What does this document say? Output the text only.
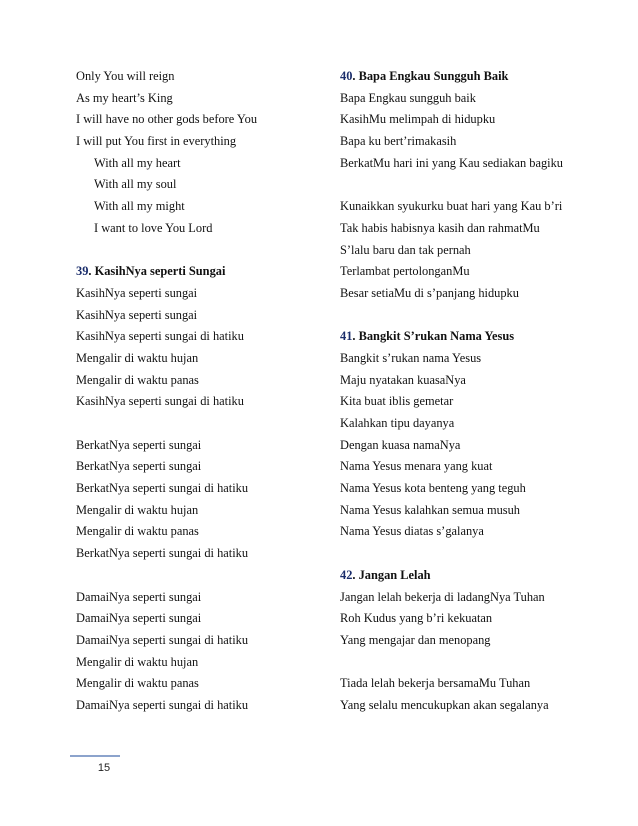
Only You will reign
As my heart’s King
I will have no other gods before You
I will put You first in everything
With all my heart
With all my soul
With all my might
I want to love You Lord
39. KasihNya seperti Sungai
KasihNya seperti sungai
KasihNya seperti sungai
KasihNya seperti sungai di hatiku
Mengalir di waktu hujan
Mengalir di waktu panas
KasihNya seperti sungai di hatiku
BerkatNya seperti sungai
BerkatNya seperti sungai
BerkatNya seperti sungai di hatiku
Mengalir di waktu hujan
Mengalir di waktu panas
BerkatNya seperti sungai di hatiku
DamaiNya seperti sungai
DamaiNya seperti sungai
DamaiNya seperti sungai di hatiku
Mengalir di waktu hujan
Mengalir di waktu panas
DamaiNya seperti sungai di hatiku
40. Bapa Engkau Sungguh Baik
Bapa Engkau sungguh baik
KasihMu melimpah di hidupku
Bapa ku bert’rimakasih
BerkatMu hari ini yang Kau sediakan bagiku
Kunaikkan syukurku buat hari yang Kau b’ri
Tak habis habisnya kasih dan rahmatMu
S’lalu baru dan tak pernah
Terlambat pertolonganMu
Besar setiaMu di s’panjang hidupku
41. Bangkit S’rukan Nama Yesus
Bangkit s’rukan nama Yesus
Maju nyatakan kuasaNya
Kita buat iblis gemetar
Kalahkan tipu dayanya
Dengan kuasa namaNya
Nama Yesus menara yang kuat
Nama Yesus kota benteng yang teguh
Nama Yesus kalahkan semua musuh
Nama Yesus diatas s’galanya
42. Jangan Lelah
Jangan lelah bekerja di ladangNya Tuhan
Roh Kudus yang b’ri kekuatan
Yang mengajar dan menopang
Tiada lelah bekerja bersamaMu Tuhan
Yang selalu mencukupkan akan segalanya
15
